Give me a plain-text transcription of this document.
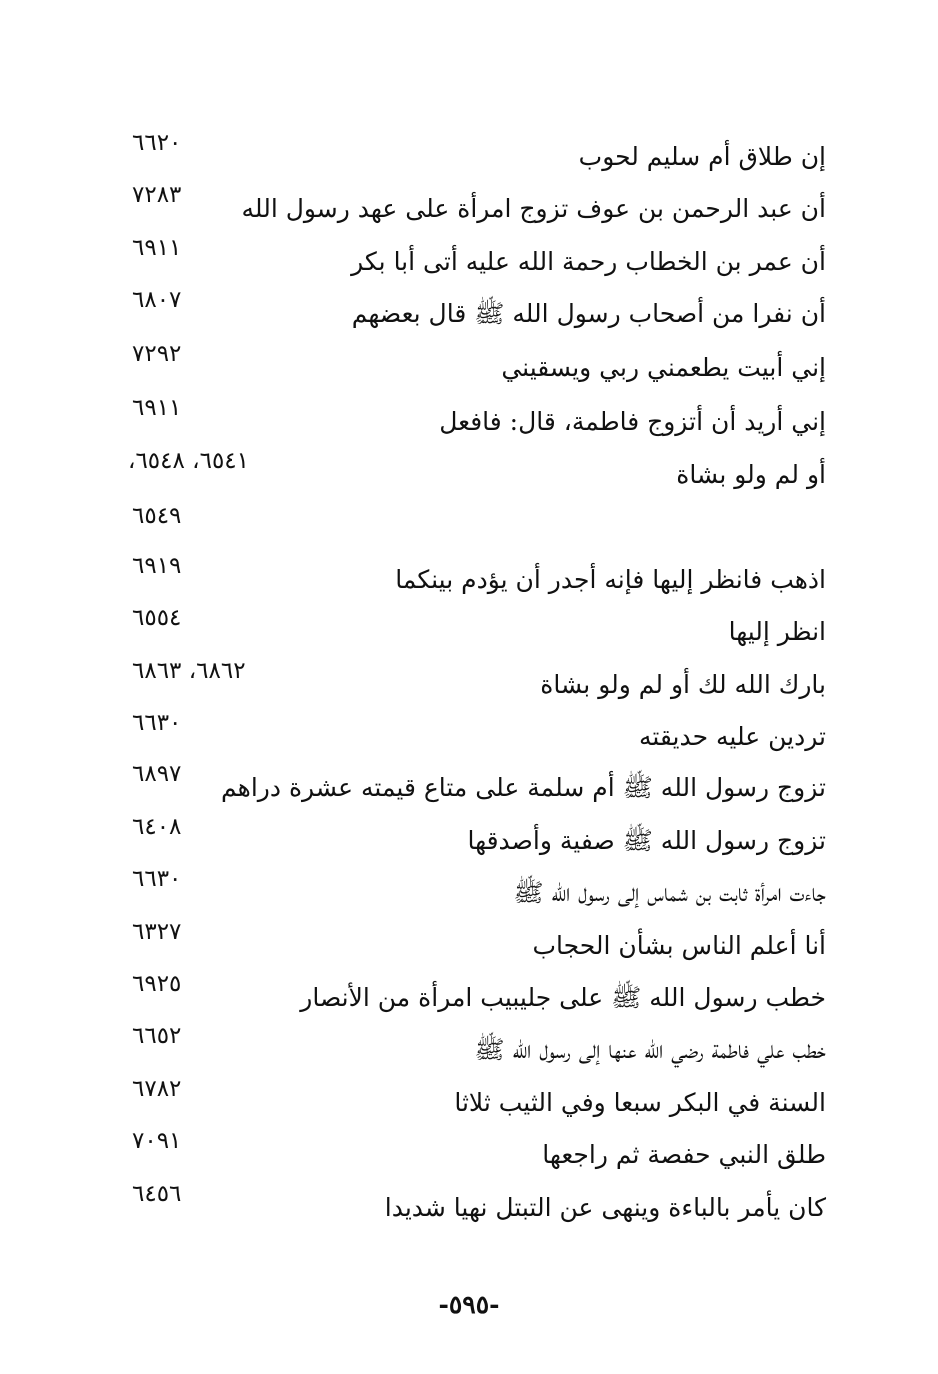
إن طلاق أم سليم لحوب
٦٦٢٠
أن عبد الرحمن بن عوف تزوج امرأة على عهد رسول الله
٧٢٨٣
أن عمر بن الخطاب رحمة الله عليه أتى أبا بكر
٦٩١١
أن نفرا من أصحاب رسول الله ﷺ قال بعضهم
٦٨٠٧
إني أبيت يطعمني ربي ويسقيني
٧٢٩٢
إني أريد أن أتزوج فاطمة، قال: فافعل
٦٩١١
أو لم ولو بشاة
٦٥٤١، ٦٥٤٨،
٦٥٤٩
اذهب فانظر إليها فإنه أجدر أن يؤدم بينكما
٦٩١٩
انظر إليها
٦٥٥٤
بارك الله لك أو لم ولو بشاة
٦٨٦٢، ٦٨٦٣
تردين عليه حديقته
٦٦٣٠
تزوج رسول الله ﷺ أم سلمة على متاع قيمته عشرة دراهم
٦٨٩٧
تزوج رسول الله ﷺ صفية وأصدقها
٦٤٠٨
جاءت امرأة ثابت بن شماس إلى رسول الله ﷺ
٦٦٣٠
أنا أعلم الناس بشأن الحجاب
٦٣٢٧
خطب رسول الله ﷺ على جليبيب امرأة من الأنصار
٦٩٢٥
خطب علي فاطمة رضي الله عنها إلى رسول الله ﷺ
٦٦٥٢
السنة في البكر سبعا وفي الثيب ثلاثا
٦٧٨٢
طلق النبي حفصة ثم راجعها
٧٠٩١
كان يأمر بالباءة وينهى عن التبتل نهيا شديدا
٦٤٥٦
-٥٩٥-
